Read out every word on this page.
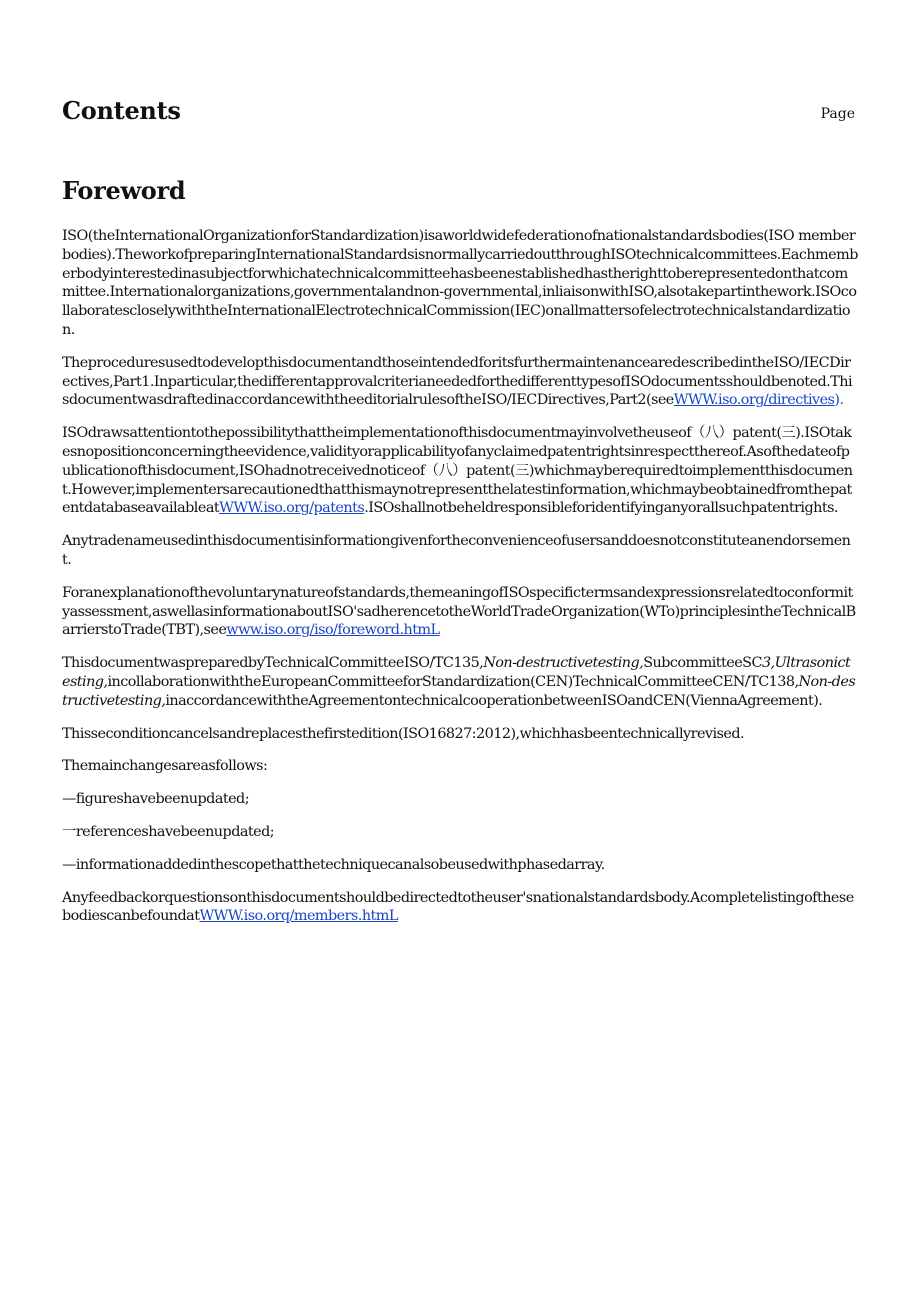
Contents	Page
Foreword

ISO(theInternationalOrganizationforStandardization)isaworldwidefederationofnationalstandardsbodies(ISO memberbodies).TheworkofpreparingInternationalStandardsisnormallycarriedoutthroughISOtechnicalcommittees.Eachmemberbodyinterestedinasubjectforwhichatechnicalcommitteehasbeenestablishedhastherighttoberepresentedonthatcommittee.Internationalorganizations,governmentalandnon-governmental,inliaisonwithISO,alsotakepartinthework.ISOcollaboratescloselywiththeInternationalElectrotechnicalCommission(IEC)onallmattersofelectrotechnicalstandardization.

TheproceduresusedtodevelopthisdocumentandthoseintendedforitsfurthermaintenancearedescribedintheISO/IECDirectives,Part1.Inparticular,thedifferentapprovalcriterianeededforthedifferenttypesofISOdocumentsshouldbenoted.ThisdocumentwasdraftedinaccordancewiththeeditorialrulesoftheISO/IECDirectives,Part2(seeWWW.iso.org/directives).

ISOdrawsattentiontothepossibilitythattheimplementationofthisdocumentmayinvolvetheuseof（八）patent(三).ISOtakesnopositionconcerningtheevidence,validityorapplicabilityofanyclaimedpatentrightsinrespectthereof.Asofthedateofpublicationofthisdocument,ISOhadnotreceivednoticeof（八）patent(三)whichmayberequiredtoimplementthisdocument.However,implementersarecautionedthatthismaynotrepresentthelatestinformation,whichmaybeobtainedfromthepatentdatabaseavailableatWWW.iso.org/patents.ISOshallnotbeheldresponsibleforidentifyinganyorallsuchpatentrights.

Anytradenameusedinthisdocumentisinformationgivenfortheconvenienceofusersanddoesnotconstituteanendorsement.

Foranexplanationofthevoluntarynatureofstandards,themeaningofISOspecifictermsandexpressionsrelatedtoconformityassessment,aswellasinformationaboutISO'sadherencetotheWorldTradeOrganization(WTo)principlesintheTechnicalBarrierstoTrade(TBT),seewww.iso.org/iso/foreword.htmL

ThisdocumentwaspreparedbyTechnicalCommitteeISO/TC135,Non-destructivetesting,SubcommitteeSC3,Ultrasonictesting,incollaborationwiththeEuropeanCommitteeforStandardization(CEN)TechnicalCommitteeCEN/TC138,Non-destructivetesting,inaccordancewiththeAgreementontechnicalcooperationbetweenISOandCEN(ViennaAgreement).

Thisseconditioncancelsandreplacesthefirstedition(ISO16827:2012),whichhasbeentechnicallyrevised.

Themainchangesareasfollows:

—figureshavebeenupdated;

一referenceshavebeenupdated;

—informationaddedinthescopethatthetechniquecanalsobeusedwithphasedarray.

Anyfeedbackorquestionsonthisdocumentshouldbedirectedtotheuser'snationalstandardsbody.AcompletelistingofthesebodiescanbefoundatWWW.iso.orq/members.htmL
